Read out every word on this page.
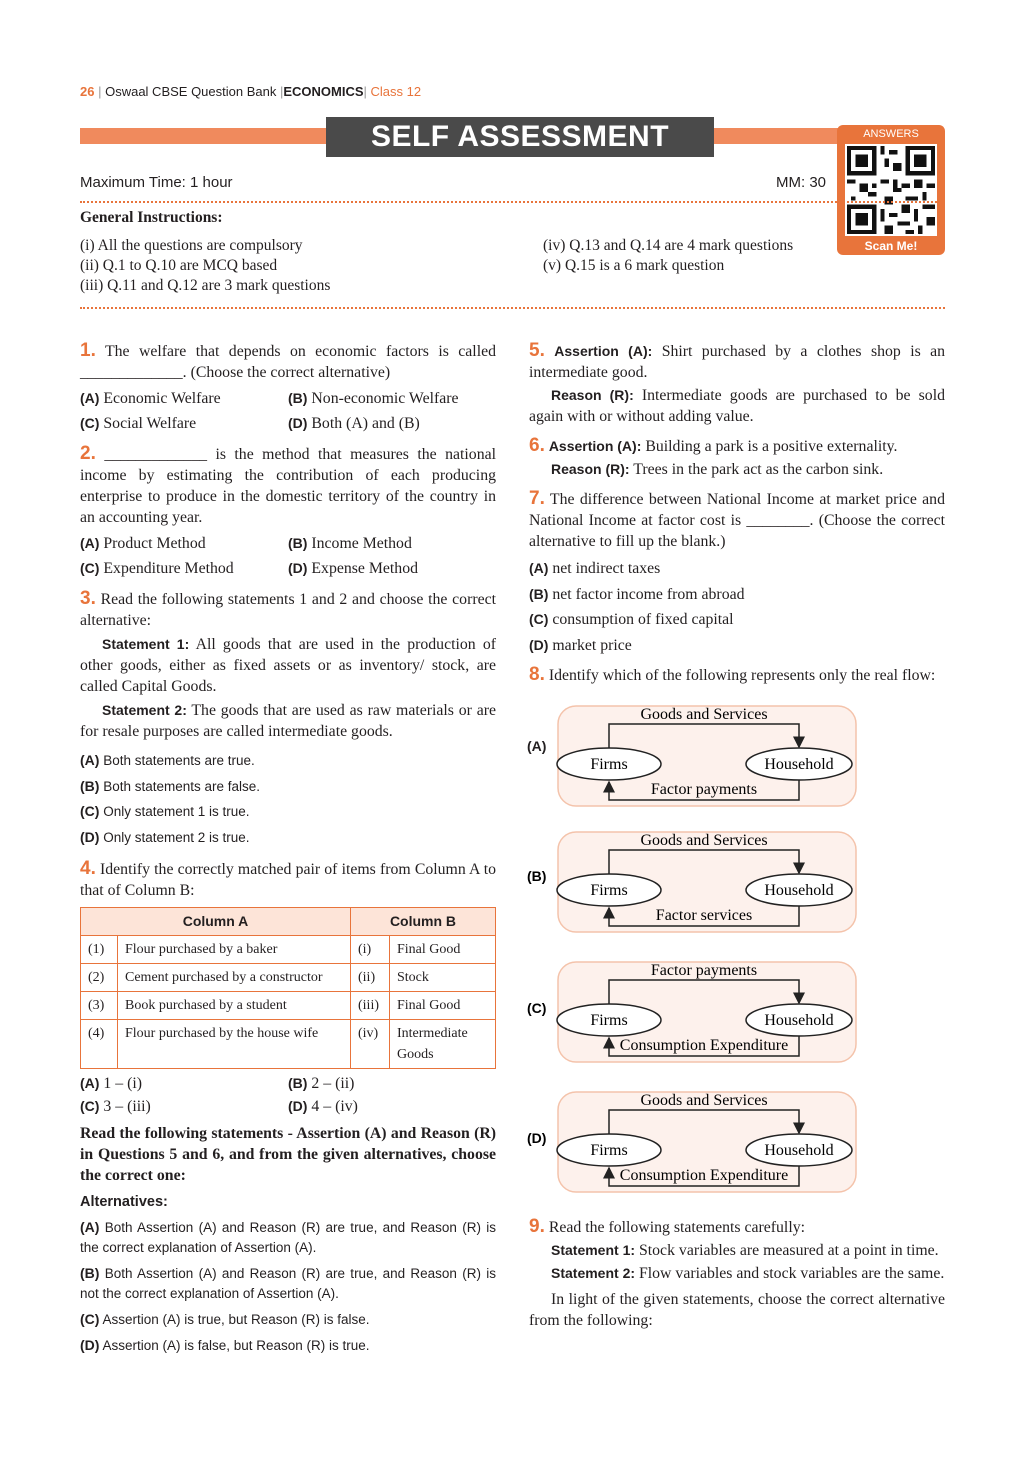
26 | Oswaal CBSE Question Bank |ECONOMICS| Class 12
SELF ASSESSMENT PAPER 1
ANSWERS
Scan Me!
Maximum Time: 1 hour	MM: 30
General Instructions:
(i) All the questions are compulsory
(ii) Q.1 to Q.10 are MCQ based
(iii) Q.11 and Q.12 are 3 mark questions
(iv) Q.13 and Q.14 are 4 mark questions
(v) Q.15 is a 6 mark question

1. The welfare that depends on economic factors is called _____________. (Choose the correct alternative)

(A) Economic Welfare	(B) Non-economic Welfare
(C) Social Welfare	(D) Both (A) and (B)

2. _____________ is the method that measures the national income by estimating the contribution of each producing enterprise to produce in the domestic territory of the country in an accounting year.

(A) Product Method	(B) Income Method
(C) Expenditure Method	(D) Expense Method

3. Read the following statements 1 and 2 and choose the correct alternative:

Statement 1: All goods that are used in the production of other goods, either as fixed assets or as inventory/ stock, are called Capital Goods.

Statement 2: The goods that are used as raw materials or are for resale purposes are called intermediate goods.

(A) Both statements are true.
(B) Both statements are false.
(C) Only statement 1 is true.
(D) Only statement 2 is true.

4. Identify the correctly matched pair of items from Column A to that of Column B:

Column A		Column B	
(1)	Flour purchased by a baker	(i)	Final Good
(2)	Cement purchased by a constructor	(ii)	Stock
(3)	Book purchased by a student	(iii)	Final Good
(4)	Flour purchased by the house wife	(iv)	Intermediate Goods
(A) 1 – (i)	(B) 2 – (ii)
(C) 3 – (iii)	(D) 4 – (iv)

Read the following statements - Assertion (A) and Reason (R) in Questions 5 and 6, and from the given alternatives, choose the correct one:

Alternatives:

(A) Both Assertion (A) and Reason (R) are true, and Reason (R) is the correct explanation of Assertion (A).
(B) Both Assertion (A) and Reason (R) are true, and Reason (R) is not the correct explanation of Assertion (A).
(C) Assertion (A) is true, but Reason (R) is false.
(D) Assertion (A) is false, but Reason (R) is true.

5. Assertion (A): Shirt purchased by a clothes shop is an intermediate good.

Reason (R): Intermediate goods are purchased to be sold again with or without adding value.

6. Assertion (A): Building a park is a positive externality.

Reason (R): Trees in the park act as the carbon sink.

7. The difference between National Income at market price and National Income at factor cost is ________. (Choose the correct alternative to fill up the blank.)

(A) net indirect taxes
(B) net factor income from abroad
(C) consumption of fixed capital
(D) market price

8. Identify which of the following represents only the real flow:

(A)
Goods and Services
Firms	Household
Factor payments
(B)
Goods and Services
Firms	Household
Factor services
(C)
Factor payments
Firms	Household
Consumption Expenditure
(D)
Goods and Services
Firms	Household
Consumption Expenditure

9. Read the following statements carefully:

Statement 1: Stock variables are measured at a point in time.

Statement 2: Flow variables and stock variables are the same.

In light of the given statements, choose the correct alternative from the following:
